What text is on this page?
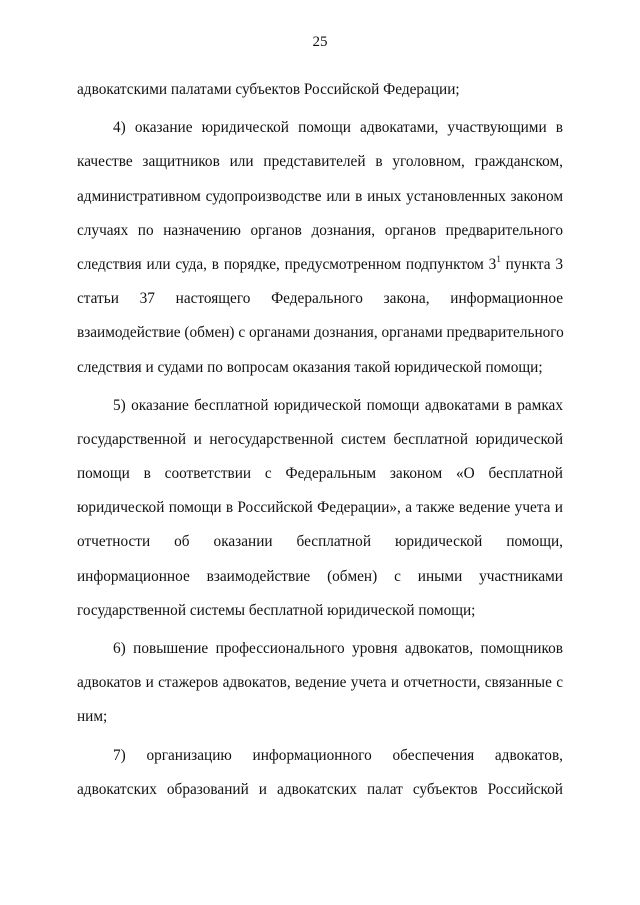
25
адвокатскими палатами субъектов Российской Федерации;
4) оказание юридической помощи адвокатами, участвующими в
качестве защитников или представителей в уголовном, гражданском,
административном судопроизводстве или в иных установленных законом
случаях по назначению органов дознания, органов предварительного
следствия или суда, в порядке, предусмотренном подпунктом $3^1$ пункта 3
статьи 37 настоящего Федерального закона, информационное
взаимодействие (обмен) с органами дознания, органами предварительного
следствия и судами по вопросам оказания такой юридической помощи;
5) оказание бесплатной юридической помощи адвокатами в рамках
государственной и негосударственной систем бесплатной юридической
помощи в соответствии с Федеральным законом «О бесплатной
юридической помощи в Российской Федерации», а также ведение учета и
отчетности об оказании бесплатной юридической помощи,
информационное взаимодействие (обмен) с иными участниками
государственной системы бесплатной юридической помощи;
6) повышение профессионального уровня адвокатов, помощников
адвокатов и стажеров адвокатов, ведение учета и отчетности, связанные с
ним;
7) организацию информационного обеспечения адвокатов,
адвокатских образований и адвокатских палат субъектов Российской
